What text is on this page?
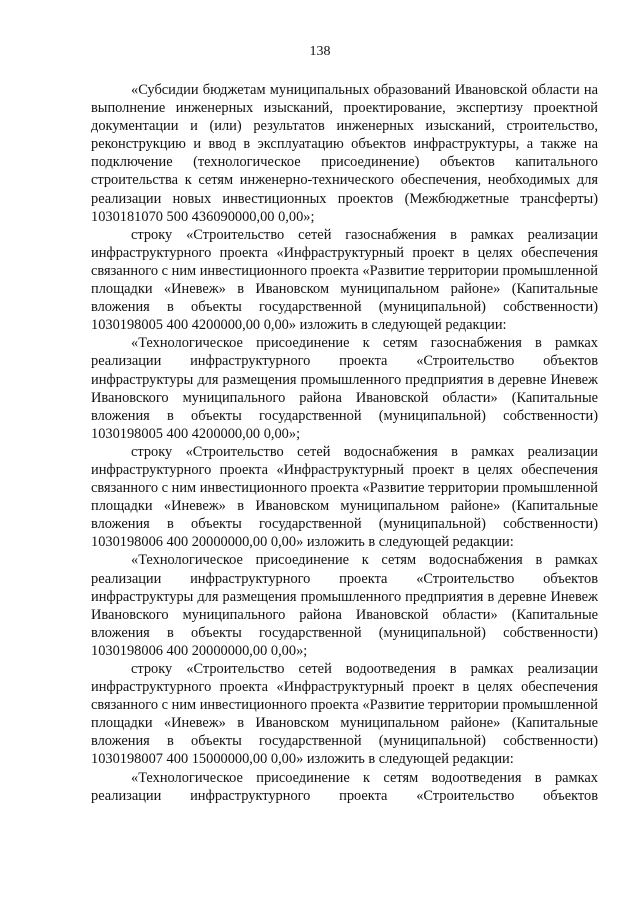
138

«Субсидии бюджетам муниципальных образований Ивановской области на выполнение инженерных изысканий, проектирование, экспертизу проектной документации и (или) результатов инженерных изысканий, строительство, реконструкцию и ввод в эксплуатацию объектов инфраструктуры, а также на подключение (технологическое присоединение) объектов капитального строительства к сетям инженерно-технического обеспечения, необходимых для реализации новых инвестиционных проектов (Межбюджетные трансферты) 1030181070 500 436090000,00 0,00»;

строку «Строительство сетей газоснабжения в рамках реализации инфраструктурного проекта «Инфраструктурный проект в целях обеспечения связанного с ним инвестиционного проекта «Развитие территории промышленной площадки «Иневеж» в Ивановском муниципальном районе» (Капитальные вложения в объекты государственной (муниципальной) собственности) 1030198005 400 4200000,00 0,00» изложить в следующей редакции:

«Технологическое присоединение к сетям газоснабжения в рамках реализации инфраструктурного проекта «Строительство объектов инфраструктуры для размещения промышленного предприятия в деревне Иневеж Ивановского муниципального района Ивановской области» (Капитальные вложения в объекты государственной (муниципальной) собственности) 1030198005 400 4200000,00 0,00»;

строку «Строительство сетей водоснабжения в рамках реализации инфраструктурного проекта «Инфраструктурный проект в целях обеспечения связанного с ним инвестиционного проекта «Развитие территории промышленной площадки «Иневеж» в Ивановском муниципальном районе» (Капитальные вложения в объекты государственной (муниципальной) собственности) 1030198006 400 20000000,00 0,00» изложить в следующей редакции:

«Технологическое присоединение к сетям водоснабжения в рамках реализации инфраструктурного проекта «Строительство объектов инфраструктуры для размещения промышленного предприятия в деревне Иневеж Ивановского муниципального района Ивановской области» (Капитальные вложения в объекты государственной (муниципальной) собственности) 1030198006 400 20000000,00 0,00»;

строку «Строительство сетей водоотведения в рамках реализации инфраструктурного проекта «Инфраструктурный проект в целях обеспечения связанного с ним инвестиционного проекта «Развитие территории промышленной площадки «Иневеж» в Ивановском муниципальном районе» (Капитальные вложения в объекты государственной (муниципальной) собственности) 1030198007 400 15000000,00 0,00» изложить в следующей редакции:

«Технологическое присоединение к сетям водоотведения в рамках реализации инфраструктурного проекта «Строительство объектов
